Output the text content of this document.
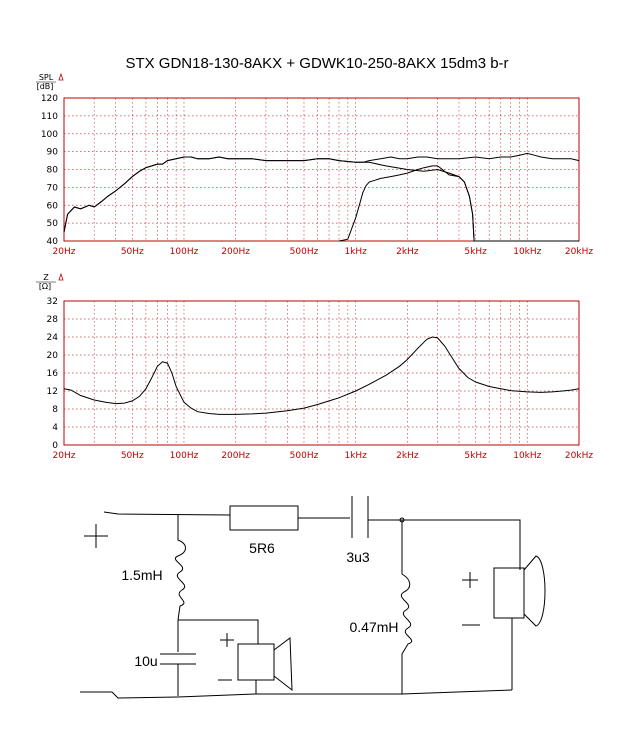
STX GDN18-130-8AKX + GDWK10-250-8AKX 15dm3 b-r
SPL
[dB]
120
110
100
90
80
70
60
50
40
20Hz	50Hz	100Hz	200Hz	500Hz	1kHz	2kHz	5kHz	10kHz	20kHz
Z
[Ω]
32
28
24
20
16
12
8
4
0
20Hz	50Hz	100Hz	200Hz	500Hz	1kHz	2kHz	5kHz	10kHz	20kHz
5R6
3u3
1.5mH
10u
0.47mH
